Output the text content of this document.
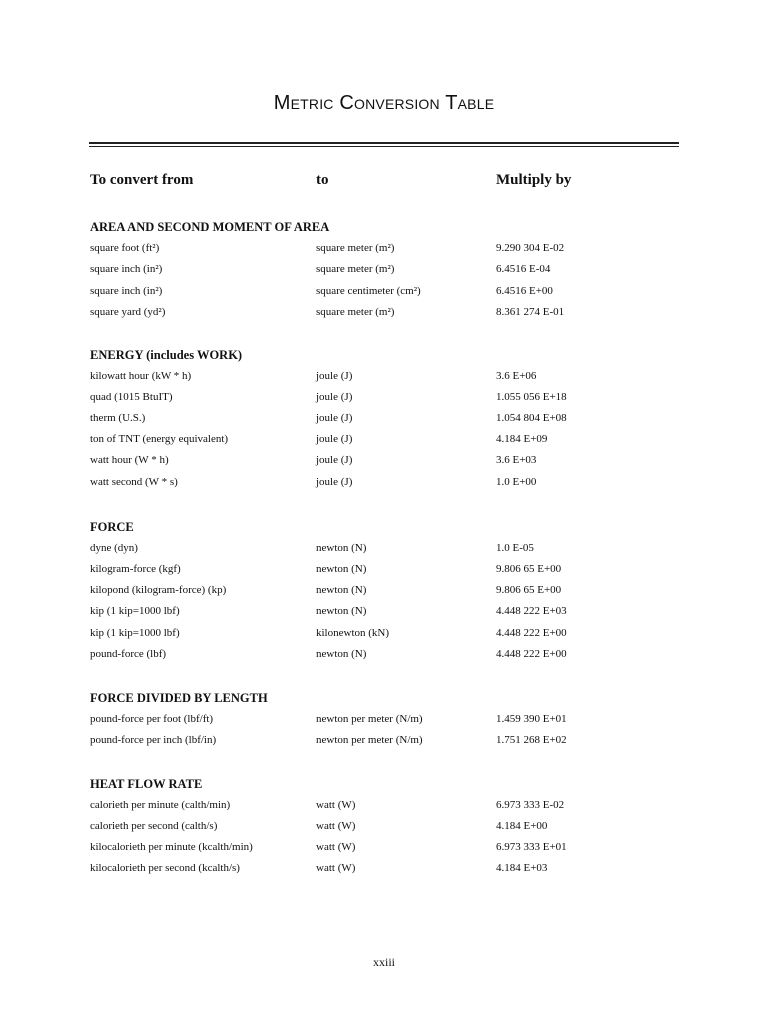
Metric Conversion Table
To convert from	to	Multiply by
AREA AND SECOND MOMENT OF AREA
square foot (ft²)	square meter (m²)	9.290 304 E-02
square inch (in²)	square meter (m²)	6.4516 E-04
square inch (in²)	square centimeter (cm²)	6.4516 E+00
square yard (yd²)	square meter (m²)	8.361 274 E-01
ENERGY (includes WORK)
kilowatt hour (kW * h)	joule (J)	3.6 E+06
quad (1015 BtuIT)	joule (J)	1.055 056 E+18
therm (U.S.)	joule (J)	1.054 804 E+08
ton of TNT (energy equivalent)	joule (J)	4.184 E+09
watt hour (W * h)	joule (J)	3.6 E+03
watt second (W * s)	joule (J)	1.0 E+00
FORCE
dyne (dyn)	newton (N)	1.0 E-05
kilogram-force (kgf)	newton (N)	9.806 65 E+00
kilopond (kilogram-force) (kp)	newton (N)	9.806 65 E+00
kip (1 kip=1000 lbf)	newton (N)	4.448 222 E+03
kip (1 kip=1000 lbf)	kilonewton (kN)	4.448 222 E+00
pound-force (lbf)	newton (N)	4.448 222 E+00
FORCE DIVIDED BY LENGTH
pound-force per foot (lbf/ft)	newton per meter (N/m)	1.459 390 E+01
pound-force per inch (lbf/in)	newton per meter (N/m)	1.751 268 E+02
HEAT FLOW RATE
calorieth per minute (calth/min)	watt (W)	6.973 333 E-02
calorieth per second (calth/s)	watt (W)	4.184 E+00
kilocalorieth per minute (kcalth/min)	watt (W)	6.973 333 E+01
kilocalorieth per second (kcalth/s)	watt (W)	4.184 E+03
xxiii
